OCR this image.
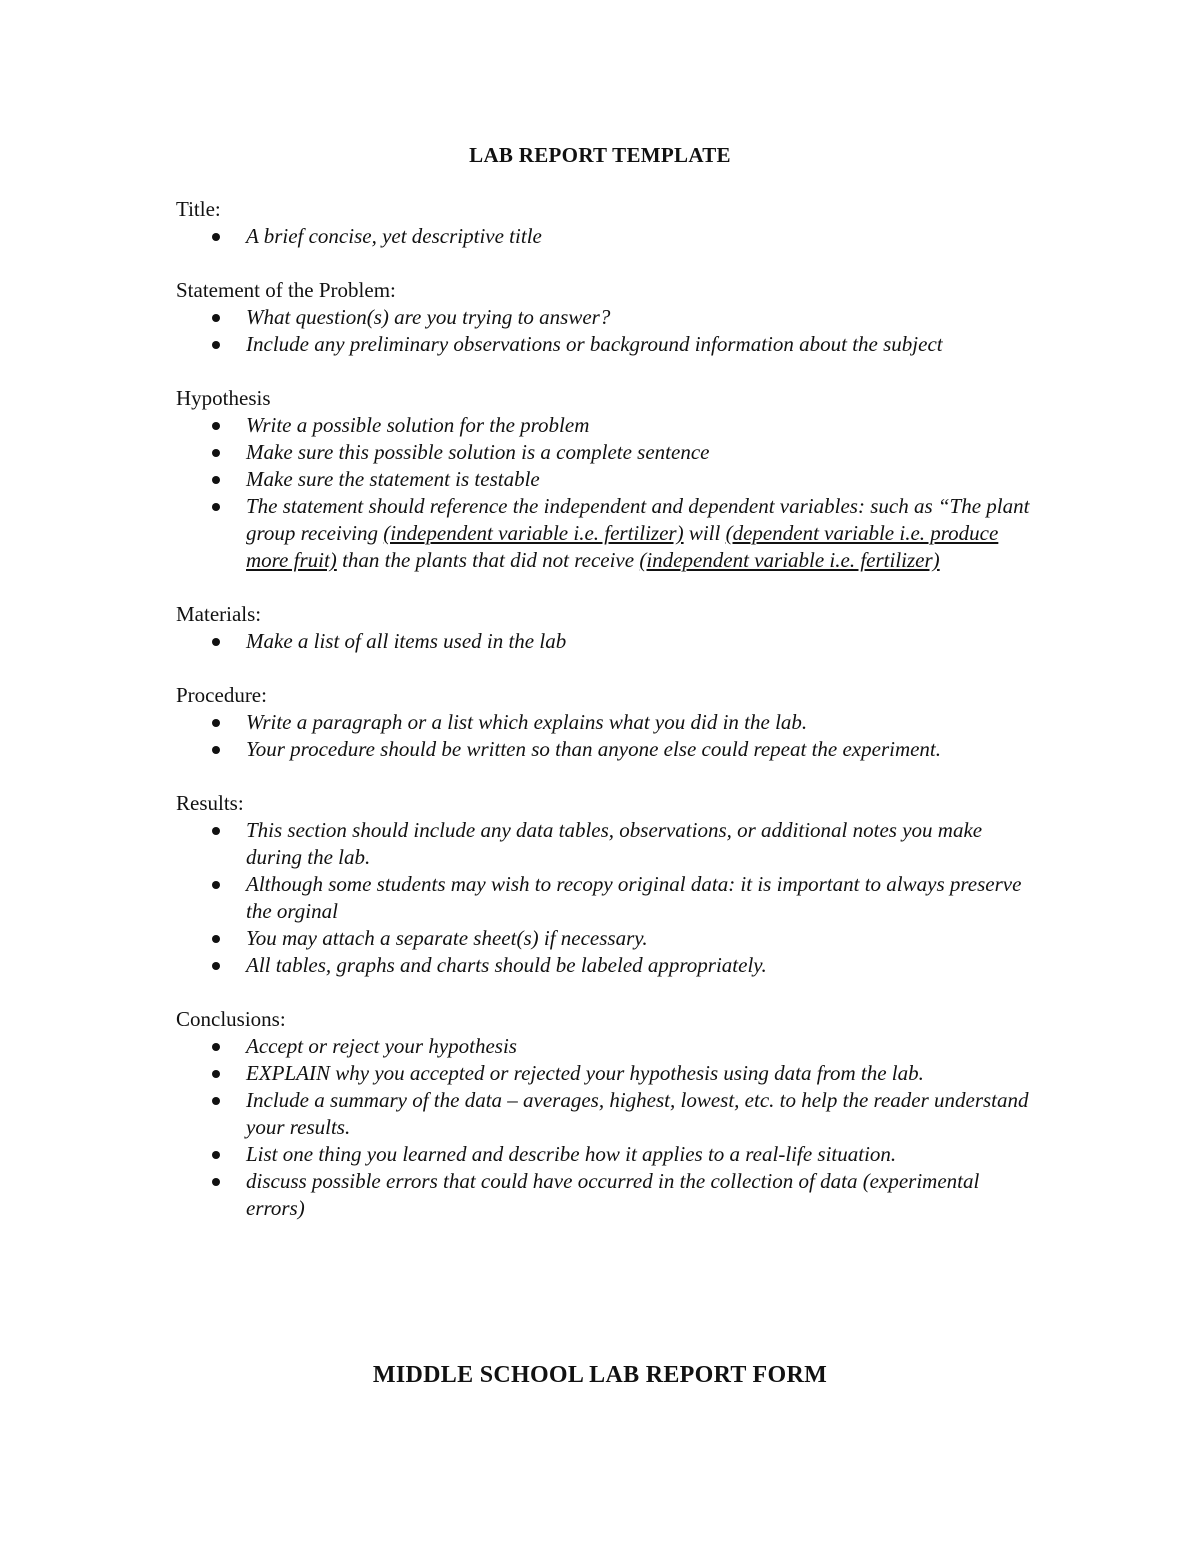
LAB REPORT TEMPLATE

Title:

A brief concise, yet descriptive title

Statement of the Problem:

What question(s) are you trying to answer?
Include any preliminary observations or background information about the subject

Hypothesis

Write a possible solution for the problem
Make sure this possible solution is a complete sentence
Make sure the statement is testable
The statement should reference the independent and dependent variables: such as “The plant group receiving (independent variable i.e. fertilizer) will (dependent variable i.e. produce more fruit) than the plants that did not receive (independent variable i.e. fertilizer)

Materials:

Make a list of all items used in the lab

Procedure:

Write a paragraph or a list which explains what you did in the lab.
Your procedure should be written so than anyone else could repeat the experiment.

Results:

This section should include any data tables, observations, or additional notes you make during the lab.
Although some students may wish to recopy original data: it is important to always preserve the orginal
You may attach a separate sheet(s) if necessary.
All tables, graphs and charts should be labeled appropriately.

Conclusions:

Accept or reject your hypothesis
EXPLAIN why you accepted or rejected your hypothesis using data from the lab.
Include a summary of the data – averages, highest, lowest, etc. to help the reader understand your results.
List one thing you learned and describe how it applies to a real-life situation.
discuss possible errors that could have occurred in the collection of data (experimental errors)
MIDDLE SCHOOL LAB REPORT FORM
